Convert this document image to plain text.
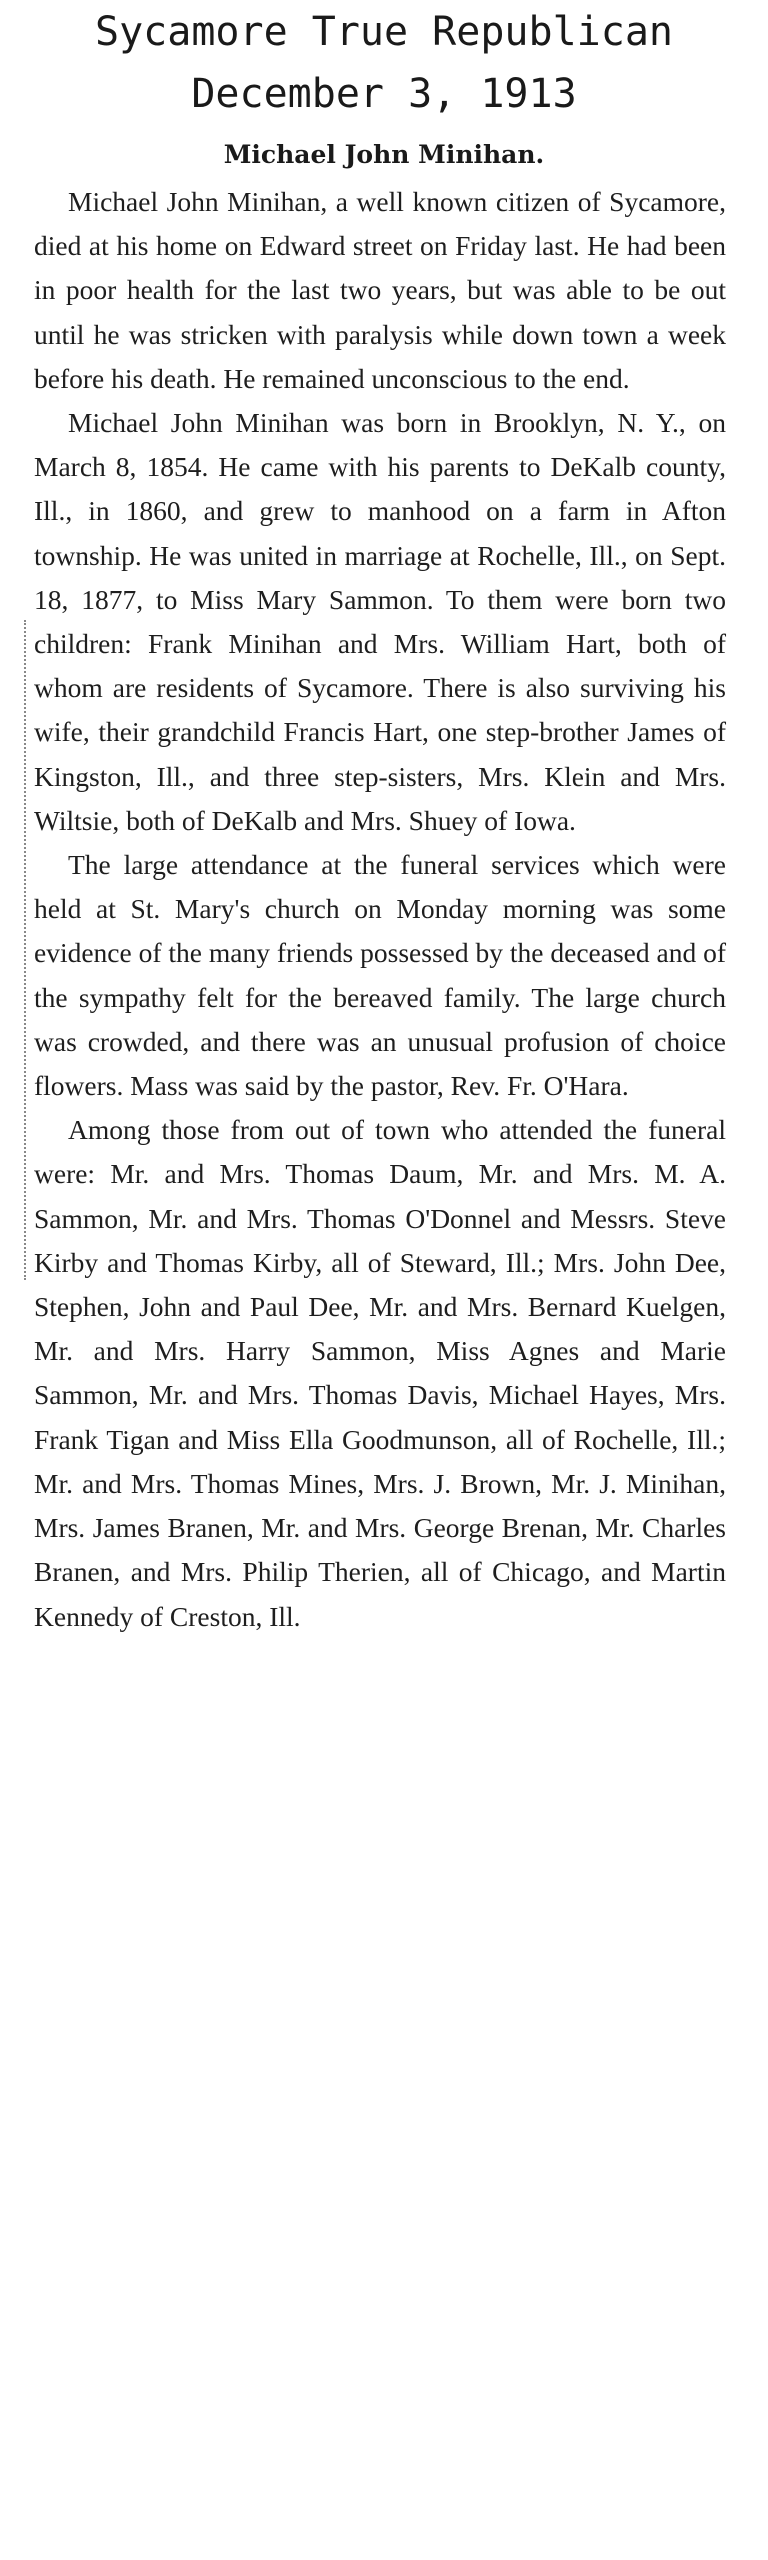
Sycamore True Republican
December 3, 1913
Michael John Minihan.

Michael John Minihan, a well known citizen of Sycamore, died at his home on Edward street on Friday last. He had been in poor health for the last two years, but was able to be out until he was stricken with paralysis while down town a week before his death. He remained unconscious to the end.

Michael John Minihan was born in Brooklyn, N. Y., on March 8, 1854. He came with his parents to DeKalb county, Ill., in 1860, and grew to manhood on a farm in Afton township. He was united in marriage at Rochelle, Ill., on Sept. 18, 1877, to Miss Mary Sammon. To them were born two children: Frank Minihan and Mrs. William Hart, both of whom are residents of Sycamore. There is also surviving his wife, their grandchild Francis Hart, one step-brother James of Kingston, Ill., and three step-sisters, Mrs. Klein and Mrs. Wiltsie, both of DeKalb and Mrs. Shuey of Iowa.

The large attendance at the funeral services which were held at St. Mary's church on Monday morning was some evidence of the many friends possessed by the deceased and of the sympathy felt for the bereaved family. The large church was crowded, and there was an unusual profusion of choice flowers. Mass was said by the pastor, Rev. Fr. O'Hara.

Among those from out of town who attended the funeral were: Mr. and Mrs. Thomas Daum, Mr. and Mrs. M. A. Sammon, Mr. and Mrs. Thomas O'Donnel and Messrs. Steve Kirby and Thomas Kirby, all of Steward, Ill.; Mrs. John Dee, Stephen, John and Paul Dee, Mr. and Mrs. Bernard Kuelgen, Mr. and Mrs. Harry Sammon, Miss Agnes and Marie Sammon, Mr. and Mrs. Thomas Davis, Michael Hayes, Mrs. Frank Tigan and Miss Ella Goodmunson, all of Rochelle, Ill.; Mr. and Mrs. Thomas Mines, Mrs. J. Brown, Mr. J. Minihan, Mrs. James Branen, Mr. and Mrs. George Brenan, Mr. Charles Branen, and Mrs. Philip Therien, all of Chicago, and Martin Kennedy of Creston, Ill.
